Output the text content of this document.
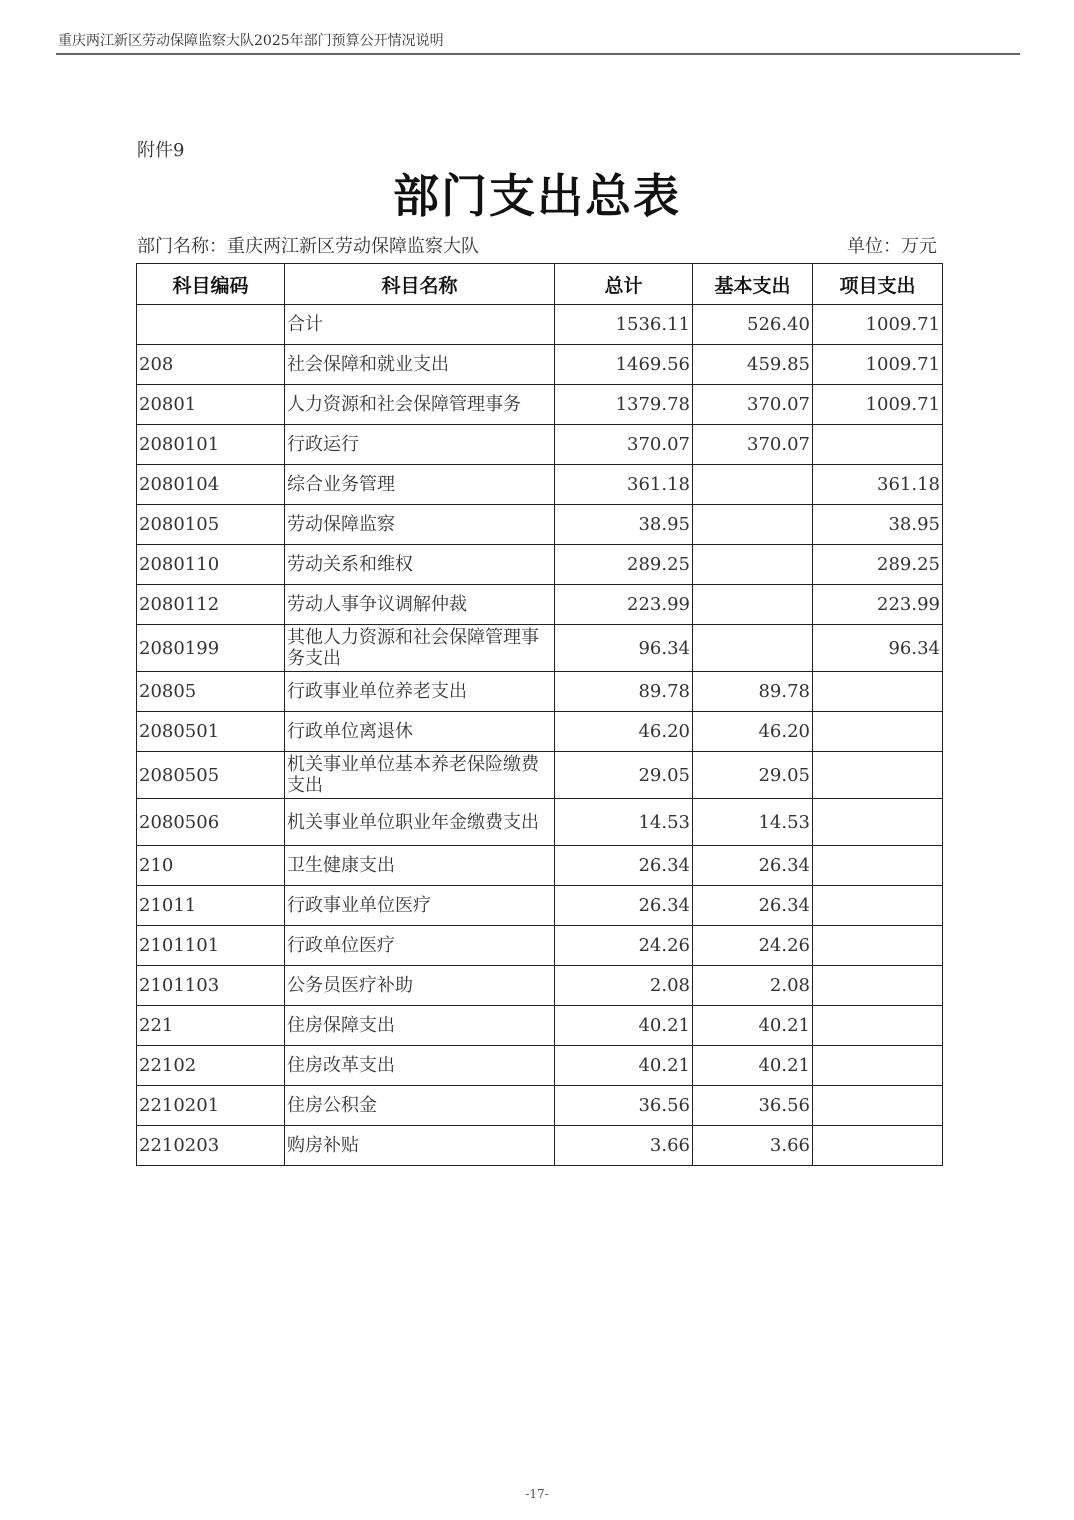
重庆两江新区劳动保障监察大队2025年部门预算公开情况说明
附件9
部门支出总表
部门名称：重庆两江新区劳动保障监察大队	单位：万元
科目编码	科目名称	总计	基本支出	项目支出
	合计	1536.11	526.40	1009.71
208	社会保障和就业支出	1469.56	459.85	1009.71
20801	人力资源和社会保障管理事务	1379.78	370.07	1009.71
2080101	行政运行	370.07	370.07	
2080104	综合业务管理	361.18		361.18
2080105	劳动保障监察	38.95		38.95
2080110	劳动关系和维权	289.25		289.25
2080112	劳动人事争议调解仲裁	223.99		223.99
2080199	其他人力资源和社会保障管理事务支出	96.34		96.34
20805	行政事业单位养老支出	89.78	89.78	
2080501	行政单位离退休	46.20	46.20	
2080505	机关事业单位基本养老保险缴费支出	29.05	29.05	
2080506	机关事业单位职业年金缴费支出	14.53	14.53	
210	卫生健康支出	26.34	26.34	
21011	行政事业单位医疗	26.34	26.34	
2101101	行政单位医疗	24.26	24.26	
2101103	公务员医疗补助	2.08	2.08	
221	住房保障支出	40.21	40.21	
22102	住房改革支出	40.21	40.21	
2210201	住房公积金	36.56	36.56	
2210203	购房补贴	3.66	3.66	
-17-
